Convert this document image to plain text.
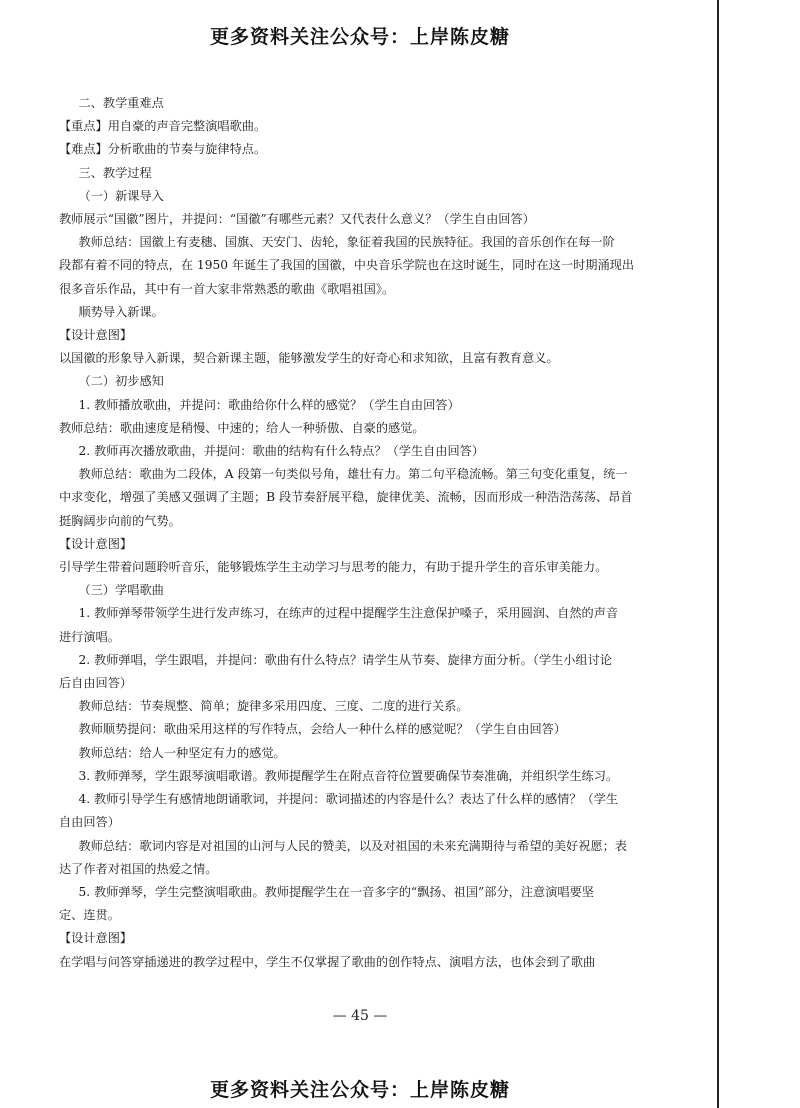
更多资料关注公众号：上岸陈皮糖

二、教学重难点

【重点】用自豪的声音完整演唱歌曲。

【难点】分析歌曲的节奏与旋律特点。

三、教学过程

（一）新课导入

教师展示“国徽”图片，并提问：“国徽”有哪些元素？又代表什么意义？（学生自由回答）

教师总结：国徽上有麦穗、国旗、天安门、齿轮，象征着我国的民族特征。我国的音乐创作在每一阶

段都有着不同的特点，在 1950 年诞生了我国的国徽，中央音乐学院也在这时诞生，同时在这一时期涌现出

很多音乐作品，其中有一首大家非常熟悉的歌曲《歌唱祖国》。

顺势导入新课。

【设计意图】

以国徽的形象导入新课，契合新课主题，能够激发学生的好奇心和求知欲，且富有教育意义。

（二）初步感知

1. 教师播放歌曲，并提问：歌曲给你什么样的感觉？（学生自由回答）

教师总结：歌曲速度是稍慢、中速的；给人一种骄傲、自豪的感觉。

2. 教师再次播放歌曲，并提问：歌曲的结构有什么特点？（学生自由回答）

教师总结：歌曲为二段体，A 段第一句类似号角，雄壮有力。第二句平稳流畅。第三句变化重复，统一

中求变化，增强了美感又强调了主题；B 段节奏舒展平稳，旋律优美、流畅，因而形成一种浩浩荡荡、昂首

挺胸阔步向前的气势。

【设计意图】

引导学生带着问题聆听音乐，能够锻炼学生主动学习与思考的能力，有助于提升学生的音乐审美能力。

（三）学唱歌曲

1. 教师弹琴带领学生进行发声练习，在练声的过程中提醒学生注意保护嗓子，采用圆润、自然的声音

进行演唱。

2. 教师弹唱，学生跟唱，并提问：歌曲有什么特点？请学生从节奏、旋律方面分析。（学生小组讨论

后自由回答）

教师总结：节奏规整、简单；旋律多采用四度、三度、二度的进行关系。

教师顺势提问：歌曲采用这样的写作特点，会给人一种什么样的感觉呢？（学生自由回答）

教师总结：给人一种坚定有力的感觉。

3. 教师弹琴，学生跟琴演唱歌谱。教师提醒学生在附点音符位置要确保节奏准确，并组织学生练习。

4. 教师引导学生有感情地朗诵歌词，并提问：歌词描述的内容是什么？表达了什么样的感情？（学生

自由回答）

教师总结：歌词内容是对祖国的山河与人民的赞美，以及对祖国的未来充满期待与希望的美好祝愿；表

达了作者对祖国的热爱之情。

5. 教师弹琴，学生完整演唱歌曲。教师提醒学生在一音多字的“飘扬、祖国”部分，注意演唱要坚

定、连贯。

【设计意图】

在学唱与问答穿插递进的教学过程中，学生不仅掌握了歌曲的创作特点、演唱方法，也体会到了歌曲

— 45 —
更多资料关注公众号：上岸陈皮糖
